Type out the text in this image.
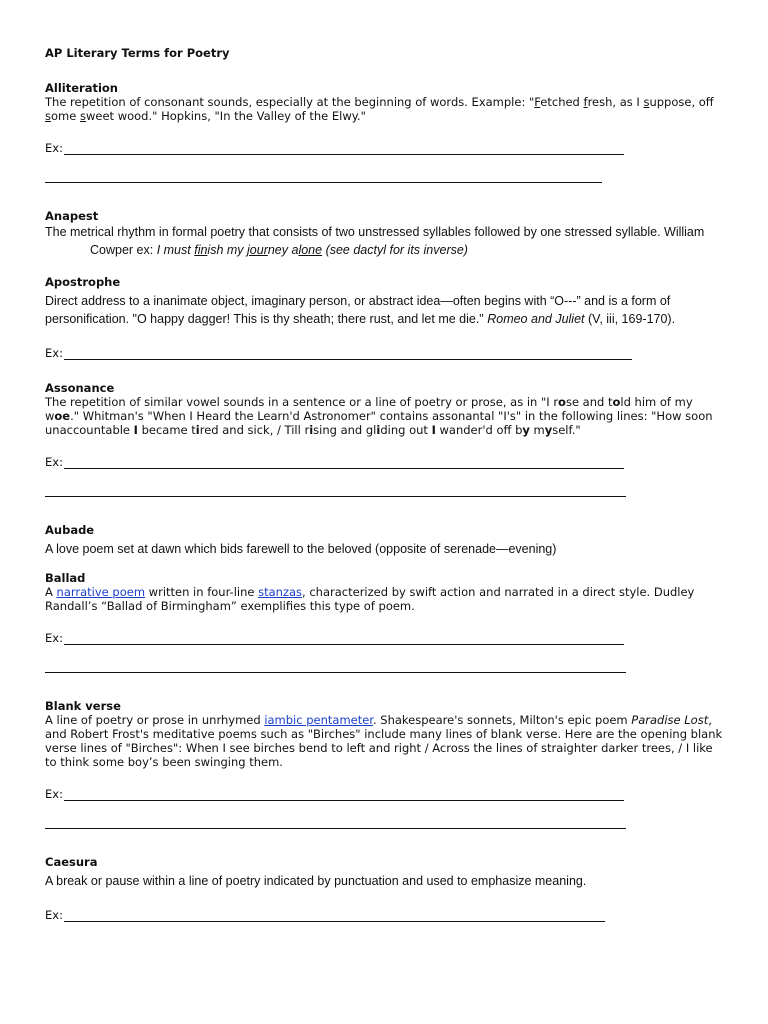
AP Literary Terms for Poetry
Alliteration
The repetition of consonant sounds, especially at the beginning of words. Example: "Fetched fresh, as I suppose, off
some sweet wood." Hopkins, "In the Valley of the Elwy."
Ex:
Anapest
The metrical rhythm in formal poetry that consists of two unstressed syllables followed by one stressed syllable. William
Cowper ex: I must finish my journey alone (see dactyl for its inverse)
Apostrophe
Direct address to a inanimate object, imaginary person, or abstract idea—often begins with “O---” and is a form of
personification. "O happy dagger! This is thy sheath; there rust, and let me die." Romeo and Juliet (V, iii, 169-170).
Ex:
Assonance
The repetition of similar vowel sounds in a sentence or a line of poetry or prose, as in "I rose and told him of my
woe." Whitman's "When I Heard the Learn'd Astronomer" contains assonantal "I's" in the following lines: "How soon
unaccountable I became tired and sick, / Till rising and gliding out I wander'd off by myself."
Ex:
Aubade
A love poem set at dawn which bids farewell to the beloved (opposite of serenade—evening)
Ballad
A narrative poem written in four-line stanzas, characterized by swift action and narrated in a direct style. Dudley
Randall’s “Ballad of Birmingham” exemplifies this type of poem.
Ex:
Blank verse
A line of poetry or prose in unrhymed iambic pentameter. Shakespeare's sonnets, Milton's epic poem Paradise Lost,
and Robert Frost's meditative poems such as "Birches" include many lines of blank verse. Here are the opening blank
verse lines of "Birches": When I see birches bend to left and right / Across the lines of straighter darker trees, / I like
to think some boy’s been swinging them.
Ex:
Caesura
A break or pause within a line of poetry indicated by punctuation and used to emphasize meaning.
Ex:
